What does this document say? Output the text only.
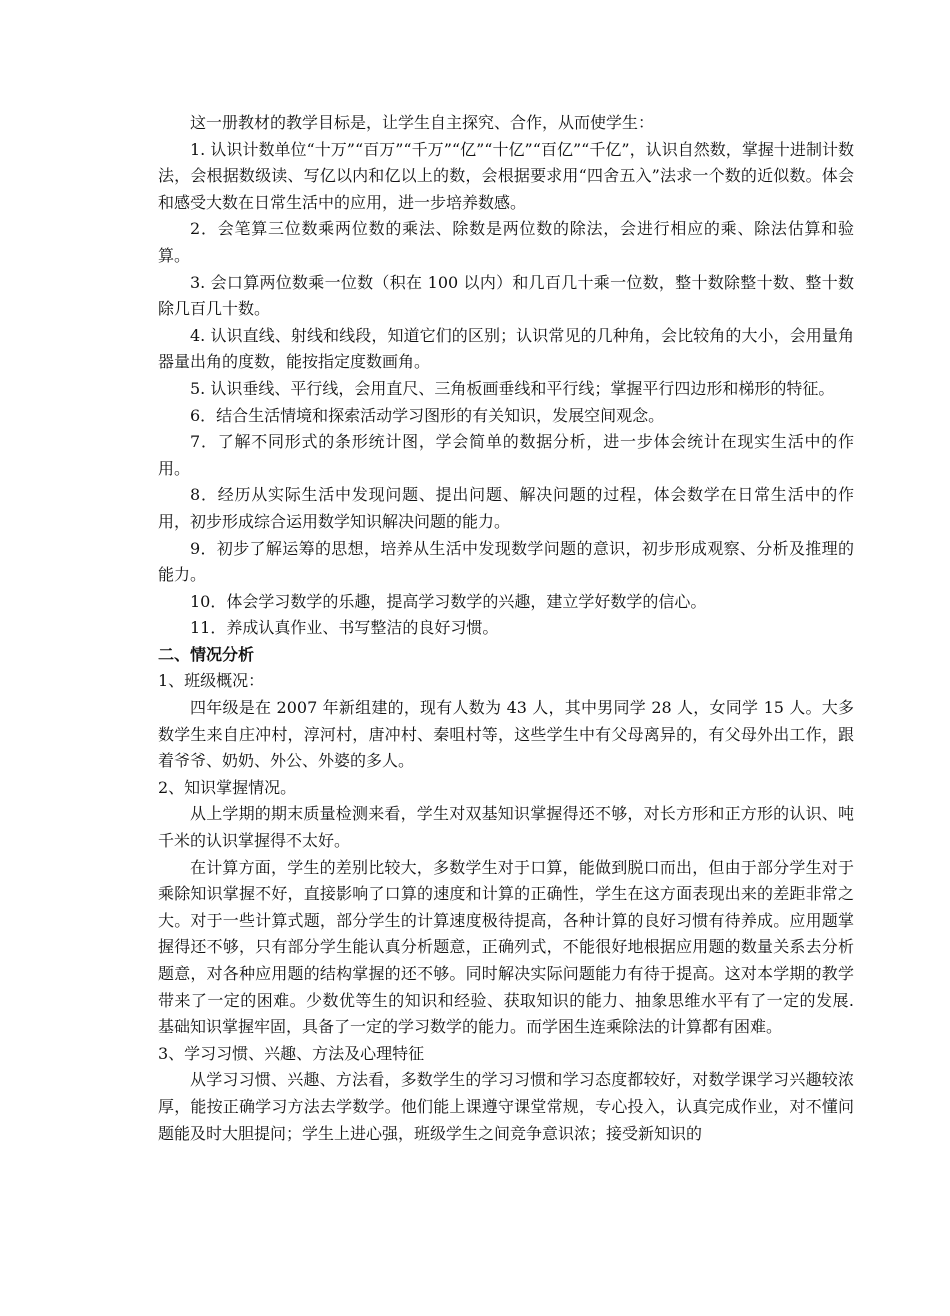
这一册教材的教学目标是，让学生自主探究、合作，从而使学生：

1. 认识计数单位“十万”“百万”“千万”“亿”“十亿”“百亿”“千亿”，认识自然数，掌握十进制计数法，会根据数级读、写亿以内和亿以上的数，会根据要求用“四舍五入”法求一个数的近似数。体会和感受大数在日常生活中的应用，进一步培养数感。

2．会笔算三位数乘两位数的乘法、除数是两位数的除法，会进行相应的乘、除法估算和验算。

3. 会口算两位数乘一位数（积在 100 以内）和几百几十乘一位数，整十数除整十数、整十数除几百几十数。

4. 认识直线、射线和线段，知道它们的区别；认识常见的几种角，会比较角的大小，会用量角器量出角的度数，能按指定度数画角。

5. 认识垂线、平行线，会用直尺、三角板画垂线和平行线；掌握平行四边形和梯形的特征。

6．结合生活情境和探索活动学习图形的有关知识，发展空间观念。

7．了解不同形式的条形统计图，学会简单的数据分析，进一步体会统计在现实生活中的作用。

8．经历从实际生活中发现问题、提出问题、解决问题的过程，体会数学在日常生活中的作用，初步形成综合运用数学知识解决问题的能力。

9．初步了解运筹的思想，培养从生活中发现数学问题的意识，初步形成观察、分析及推理的能力。

10．体会学习数学的乐趣，提高学习数学的兴趣，建立学好数学的信心。

11．养成认真作业、书写整洁的良好习惯。

二、情况分析

1、班级概况：

四年级是在 2007 年新组建的，现有人数为 43 人，其中男同学 28 人，女同学 15 人。大多数学生来自庄冲村，淳河村，唐冲村、秦咀村等，这些学生中有父母离异的，有父母外出工作，跟着爷爷、奶奶、外公、外婆的多人。

2、知识掌握情况。

从上学期的期末质量检测来看，学生对双基知识掌握得还不够，对长方形和正方形的认识、吨千米的认识掌握得不太好。

在计算方面，学生的差别比较大，多数学生对于口算，能做到脱口而出，但由于部分学生对于乘除知识掌握不好，直接影响了口算的速度和计算的正确性，学生在这方面表现出来的差距非常之大。对于一些计算式题，部分学生的计算速度极待提高，各种计算的良好习惯有待养成。应用题掌握得还不够，只有部分学生能认真分析题意，正确列式，不能很好地根据应用题的数量关系去分析题意，对各种应用题的结构掌握的还不够。同时解决实际问题能力有待于提高。这对本学期的教学带来了一定的困难。少数优等生的知识和经验、获取知识的能力、抽象思维水平有了一定的发展. 基础知识掌握牢固，具备了一定的学习数学的能力。而学困生连乘除法的计算都有困难。

3、学习习惯、兴趣、方法及心理特征

从学习习惯、兴趣、方法看，多数学生的学习习惯和学习态度都较好，对数学课学习兴趣较浓厚，能按正确学习方法去学数学。他们能上课遵守课堂常规，专心投入，认真完成作业，对不懂问题能及时大胆提问；学生上进心强，班级学生之间竞争意识浓；接受新知识的
